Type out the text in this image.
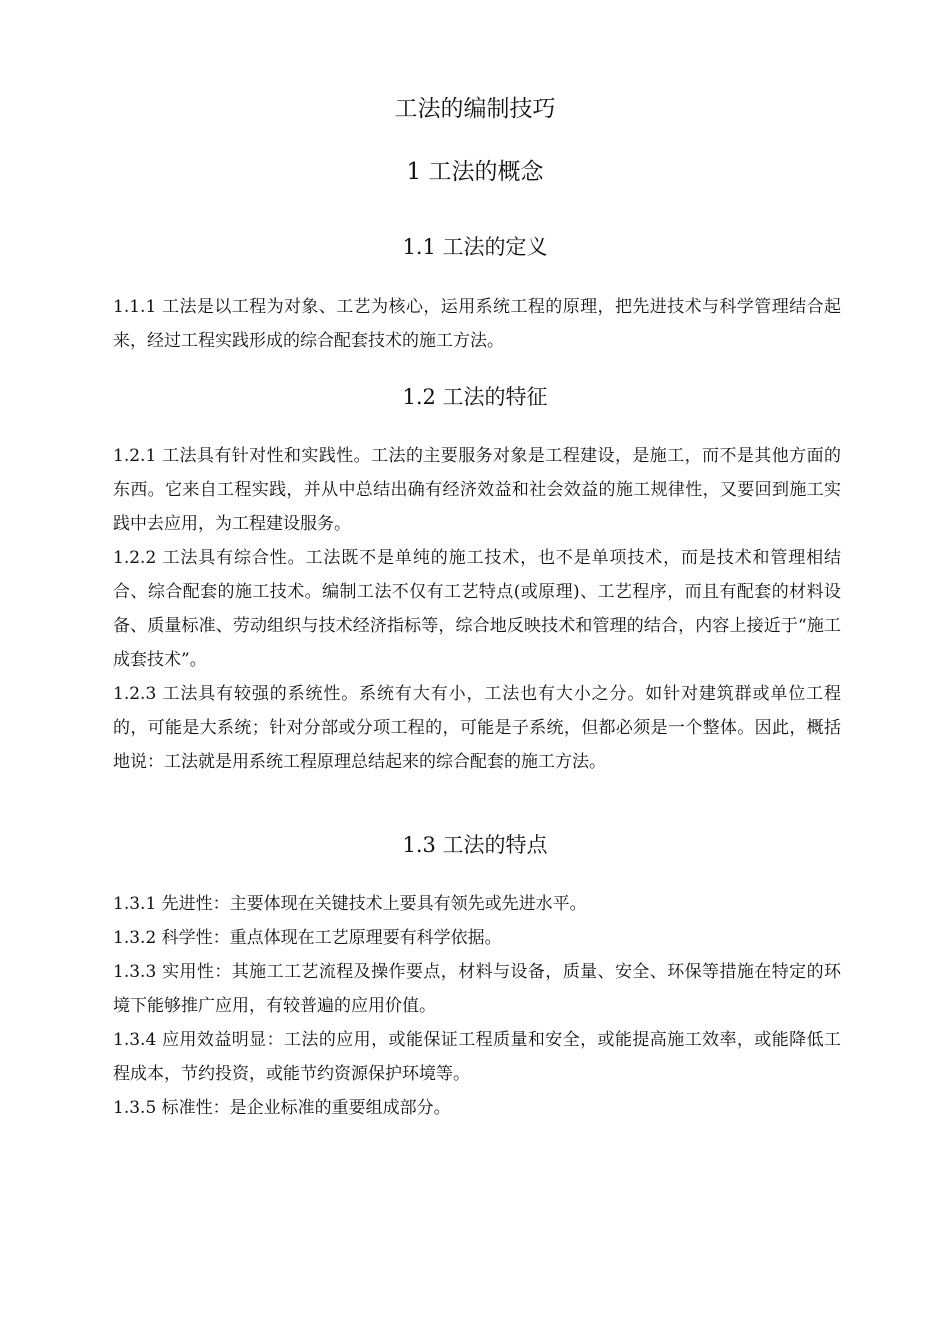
工法的编制技巧
1 工法的概念
1.1 工法的定义

1.1.1 工法是以工程为对象、工艺为核心，运用系统工程的原理，把先进技术与科学管理结合起来，经过工程实践形成的综合配套技术的施工方法。

1.2 工法的特征

1.2.1 工法具有针对性和实践性。工法的主要服务对象是工程建设，是施工，而不是其他方面的东西。它来自工程实践，并从中总结出确有经济效益和社会效益的施工规律性，又要回到施工实践中去应用，为工程建设服务。

1.2.2 工法具有综合性。工法既不是单纯的施工技术，也不是单项技术，而是技术和管理相结合、综合配套的施工技术。编制工法不仅有工艺特点(或原理)、工艺程序，而且有配套的材料设备、质量标准、劳动组织与技术经济指标等，综合地反映技术和管理的结合，内容上接近于“施工成套技术”。

1.2.3 工法具有较强的系统性。系统有大有小，工法也有大小之分。如针对建筑群或单位工程的，可能是大系统；针对分部或分项工程的，可能是子系统，但都必须是一个整体。因此，概括地说：工法就是用系统工程原理总结起来的综合配套的施工方法。

1.3 工法的特点

1.3.1 先进性：主要体现在关键技术上要具有领先或先进水平。

1.3.2 科学性：重点体现在工艺原理要有科学依据。

1.3.3 实用性：其施工工艺流程及操作要点，材料与设备，质量、安全、环保等措施在特定的环境下能够推广应用，有较普遍的应用价值。

1.3.4 应用效益明显：工法的应用，或能保证工程质量和安全，或能提高施工效率，或能降低工程成本，节约投资，或能节约资源保护环境等。

1.3.5 标准性：是企业标准的重要组成部分。
